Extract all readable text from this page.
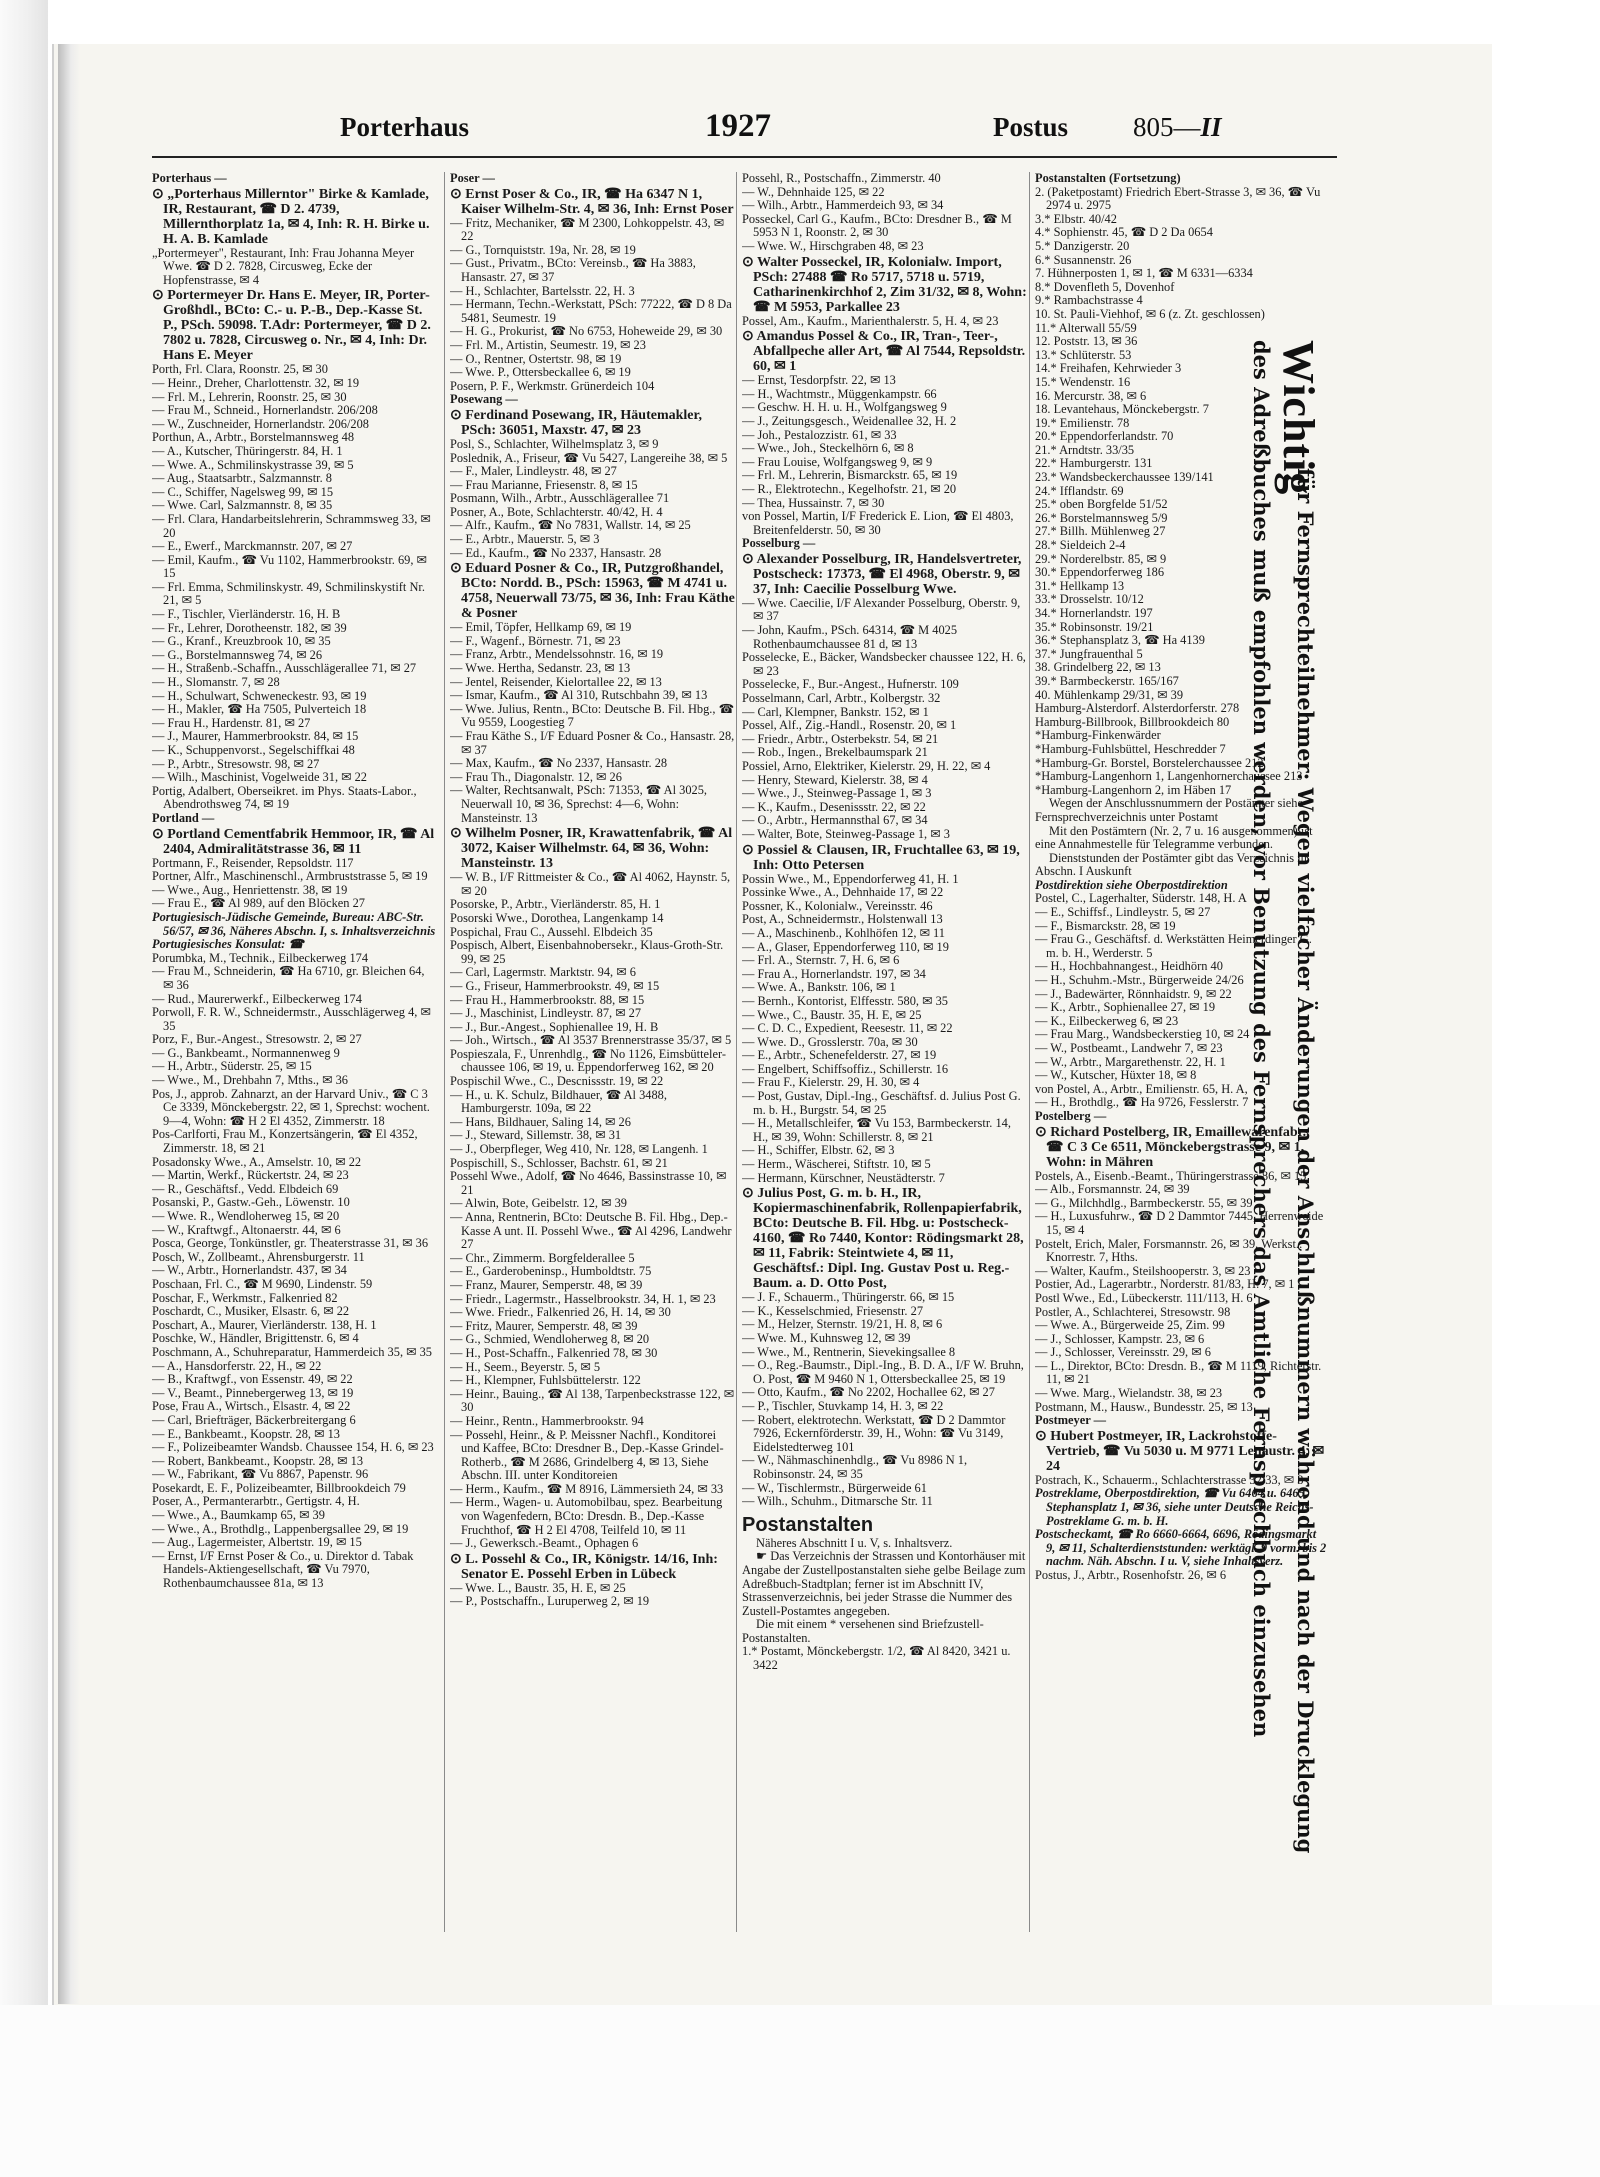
Porterhaus	1927	Postus 805—II

Porterhaus —

⊙ „Porterhaus Millerntor" Birke & Kamlade, IR, Restaurant, ☎ D 2. 4739, Millernthorplatz 1a, ✉ 4, Inh: R. H. Birke u. H. A. B. Kamlade

„Portermeyer", Restaurant, Inh: Frau Johanna Meyer Wwe. ☎ D 2. 7828, Circusweg, Ecke der Hopfenstrasse, ✉ 4

⊙ Portermeyer Dr. Hans E. Meyer, IR, Porter-Großhdl., BCto: C.- u. P.-B., Dep.-Kasse St. P., PSch. 59098. T.Adr: Portermeyer, ☎ D 2. 7802 u. 7828, Circusweg o. Nr., ✉ 4, Inh: Dr. Hans E. Meyer

Porth, Frl. Clara, Roonstr. 25, ✉ 30

— Heinr., Dreher, Charlottenstr. 32, ✉ 19

— Frl. M., Lehrerin, Roonstr. 25, ✉ 30

— Frau M., Schneid., Hornerlandstr. 206/208

— W., Zuschneider, Hornerlandstr. 206/208

Porthun, A., Arbtr., Borstelmannsweg 48

— A., Kutscher, Thüringerstr. 84, H. 1

— Wwe. A., Schmilinskystrasse 39, ✉ 5

— Aug., Staatsarbtr., Salzmannstr. 8

— C., Schiffer, Nagelsweg 99, ✉ 15

— Wwe. Carl, Salzmannstr. 8, ✉ 35

— Frl. Clara, Handarbeitslehrerin, Schrammsweg 33, ✉ 20

— E., Ewerf., Marckmannstr. 207, ✉ 27

— Emil, Kaufm., ☎ Vu 1102, Hammerbrookstr. 69, ✉ 15

— Frl. Emma, Schmilinskystr. 49, Schmilinskystift Nr. 21, ✉ 5

— F., Tischler, Vierländerstr. 16, H. B

— Fr., Lehrer, Dorotheenstr. 182, ✉ 39

— G., Kranf., Kreuzbrook 10, ✉ 35

— G., Borstelmannsweg 74, ✉ 26

— H., Straßenb.-Schaffn., Ausschlägerallee 71, ✉ 27

— H., Slomanstr. 7, ✉ 28

— H., Schulwart, Schweneckestr. 93, ✉ 19

— H., Makler, ☎ Ha 7505, Pulverteich 18

— Frau H., Hardenstr. 81, ✉ 27

— J., Maurer, Hammerbrookstr. 84, ✉ 15

— K., Schuppenvorst., Segelschiffkai 48

— P., Arbtr., Stresowstr. 98, ✉ 27

— Wilh., Maschinist, Vogelweide 31, ✉ 22

Portig, Adalbert, Oberseikret. im Phys. Staats-Labor., Abendrothsweg 74, ✉ 19

Portland —

⊙ Portland Cementfabrik Hemmoor, IR, ☎ Al 2404, Admiralitätstrasse 36, ✉ 11

Portmann, F., Reisender, Repsoldstr. 117

Portner, Alfr., Maschinenschl., Armbruststrasse 5, ✉ 19

— Wwe., Aug., Henriettenstr. 38, ✉ 19

— Frau E., ☎ Al 989, auf den Blöcken 27

Portugiesisch-Jüdische Gemeinde, Bureau: ABC-Str. 56/57, ✉ 36, Näheres Abschn. I, s. Inhaltsverzeichnis

Portugiesisches Konsulat: ☎

Porumbka, M., Technik., Eilbeckerweg 174

— Frau M., Schneiderin, ☎ Ha 6710, gr. Bleichen 64, ✉ 36

— Rud., Maurerwerkf., Eilbeckerweg 174

Porwoll, F. R. W., Schneidermstr., Ausschlägerweg 4, ✉ 35

Porz, F., Bur.-Angest., Stresowstr. 2, ✉ 27

— G., Bankbeamt., Normannenweg 9

— H., Arbtr., Süderstr. 25, ✉ 15

— Wwe., M., Drehbahn 7, Mths., ✉ 36

Pos, J., approb. Zahnarzt, an der Harvard Univ., ☎ C 3 Ce 3339, Mönckebergstr. 22, ✉ 1, Sprechst: wochent. 9—4, Wohn: ☎ H 2 El 4352, Zimmerstr. 18

Pos-Carlforti, Frau M., Konzertsängerin, ☎ El 4352, Zimmerstr. 18, ✉ 21

Posadonsky Wwe., A., Amselstr. 10, ✉ 22

— Martin, Werkf., Rückertstr. 24, ✉ 23

— R., Geschäftsf., Vedd. Elbdeich 69

Posanski, P., Gastw.-Geh., Löwenstr. 10

— Wwe. R., Wendloherweg 15, ✉ 20

— W., Kraftwgf., Altonaerstr. 44, ✉ 6

Posca, George, Tonkünstler, gr. Theaterstrasse 31, ✉ 36

Posch, W., Zollbeamt., Ahrensburgerstr. 11

— W., Arbtr., Hornerlandstr. 437, ✉ 34

Poschaan, Frl. C., ☎ M 9690, Lindenstr. 59

Poschar, F., Werkmstr., Falkenried 82

Poschardt, C., Musiker, Elsastr. 6, ✉ 22

Poschart, A., Maurer, Vierländerstr. 138, H. 1

Poschke, W., Händler, Brigittenstr. 6, ✉ 4

Poschmann, A., Schuhreparatur, Hammerdeich 35, ✉ 35

— A., Hansdorferstr. 22, H., ✉ 22

— B., Kraftwgf., von Essenstr. 49, ✉ 22

— V., Beamt., Pinnebergerweg 13, ✉ 19

Pose, Frau A., Wirtsch., Elsastr. 4, ✉ 22

— Carl, Briefträger, Bäckerbreitergang 6

— E., Bankbeamt., Koopstr. 28, ✉ 13

— F., Polizeibeamter Wandsb. Chaussee 154, H. 6, ✉ 23

— Robert, Bankbeamt., Koopstr. 28, ✉ 13

— W., Fabrikant, ☎ Vu 8867, Papenstr. 96

Posekardt, E. F., Polizeibeamter, Billbrookdeich 79

Poser, A., Permanterarbtr., Gertigstr. 4, H.

— Wwe., A., Baumkamp 65, ✉ 39

— Wwe., A., Brothdlg., Lappenbergsallee 29, ✉ 19

— Aug., Lagermeister, Albertstr. 19, ✉ 15

— Ernst, I/F Ernst Poser & Co., u. Direktor d. Tabak Handels-Aktiengesellschaft, ☎ Vu 7970, Rothenbaumchaussee 81a, ✉ 13

Poser —

⊙ Ernst Poser & Co., IR, ☎ Ha 6347 N 1, Kaiser Wilhelm-Str. 4, ✉ 36, Inh: Ernst Poser

— Fritz, Mechaniker, ☎ M 2300, Lohkoppelstr. 43, ✉ 22

— G., Tornquiststr. 19a, Nr. 28, ✉ 19

— Gust., Privatm., BCto: Vereinsb., ☎ Ha 3883, Hansastr. 27, ✉ 37

— H., Schlachter, Bartelsstr. 22, H. 3

— Hermann, Techn.-Werkstatt, PSch: 77222, ☎ D 8 Da 5481, Seumestr. 19

— H. G., Prokurist, ☎ No 6753, Hoheweide 29, ✉ 30

— Frl. M., Artistin, Seumestr. 19, ✉ 23

— O., Rentner, Ostertstr. 98, ✉ 19

— Wwe. P., Ottersbeckallee 6, ✉ 19

Posern, P. F., Werkmstr. Grünerdeich 104

Posewang —

⊙ Ferdinand Posewang, IR, Häutemakler, PSch: 36051, Maxstr. 47, ✉ 23

Posl, S., Schlachter, Wilhelmsplatz 3, ✉ 9

Poslednik, A., Friseur, ☎ Vu 5427, Langereihe 38, ✉ 5

— F., Maler, Lindleystr. 48, ✉ 27

— Frau Marianne, Friesenstr. 8, ✉ 15

Posmann, Wilh., Arbtr., Ausschlägerallee 71

Posner, A., Bote, Schlachterstr. 40/42, H. 4

— Alfr., Kaufm., ☎ No 7831, Wallstr. 14, ✉ 25

— E., Arbtr., Mauerstr. 5, ✉ 3

— Ed., Kaufm., ☎ No 2337, Hansastr. 28

⊙ Eduard Posner & Co., IR, Putzgroßhandel, BCto: Nordd. B., PSch: 15963, ☎ M 4741 u. 4758, Neuerwall 73/75, ✉ 36, Inh: Frau Käthe & Posner

— Emil, Töpfer, Hellkamp 69, ✉ 19

— F., Wagenf., Börnestr. 71, ✉ 23

— Franz, Arbtr., Mendelssohnstr. 16, ✉ 19

— Wwe. Hertha, Sedanstr. 23, ✉ 13

— Jentel, Reisender, Kielortallee 22, ✉ 13

— Ismar, Kaufm., ☎ Al 310, Rutschbahn 39, ✉ 13

— Wwe. Julius, Rentn., BCto: Deutsche B. Fil. Hbg., ☎ Vu 9559, Loogestieg 7

— Frau Käthe S., I/F Eduard Posner & Co., Hansastr. 28, ✉ 37

— Max, Kaufm., ☎ No 2337, Hansastr. 28

— Frau Th., Diagonalstr. 12, ✉ 26

— Walter, Rechtsanwalt, PSch: 71353, ☎ Al 3025, Neuerwall 10, ✉ 36, Sprechst: 4—6, Wohn: Mansteinstr. 13

⊙ Wilhelm Posner, IR, Krawattenfabrik, ☎ Al 3072, Kaiser Wilhelmstr. 64, ✉ 36, Wohn: Mansteinstr. 13

— W. B., I/F Rittmeister & Co., ☎ Al 4062, Haynstr. 5, ✉ 20

Posorske, P., Arbtr., Vierländerstr. 85, H. 1

Posorski Wwe., Dorothea, Langenkamp 14

Pospichal, Frau C., Aussehl. Elbdeich 35

Pospisch, Albert, Eisenbahnobersekr., Klaus-Groth-Str. 99, ✉ 25

— Carl, Lagermstr. Marktstr. 94, ✉ 6

— G., Friseur, Hammerbrookstr. 49, ✉ 15

— Frau H., Hammerbrookstr. 88, ✉ 15

— J., Maschinist, Lindleystr. 87, ✉ 27

— J., Bur.-Angest., Sophienallee 19, H. B

— Joh., Wirtsch., ☎ Al 3537 Brennerstrasse 35/37, ✉ 5

Pospieszala, F., Unrenhdlg., ☎ No 1126, Eimsbütteler-chaussee 106, ✉ 19, u. Eppendorferweg 162, ✉ 20

Pospischil Wwe., C., Descnissstr. 19, ✉ 22

— H., u. K. Schulz, Bildhauer, ☎ Al 3488, Hamburgerstr. 109a, ✉ 22

— Hans, Bildhauer, Saling 14, ✉ 26

— J., Steward, Sillemstr. 38, ✉ 31

— J., Oberpfleger, Weg 410, Nr. 128, ✉ Langenh. 1

Pospischill, S., Schlosser, Bachstr. 61, ✉ 21

Possehl Wwe., Adolf, ☎ No 4646, Bassinstrasse 10, ✉ 21

— Alwin, Bote, Geibelstr. 12, ✉ 39

— Anna, Rentnerin, BCto: Deutsche B. Fil. Hbg., Dep.-Kasse A unt. II. Possehl Wwe., ☎ Al 4296, Landwehr 27

— Chr., Zimmerm. Borgfelderallee 5

— E., Garderobeninsp., Humboldtstr. 75

— Franz, Maurer, Semperstr. 48, ✉ 39

— Friedr., Lagermstr., Hasselbrookstr. 34, H. 1, ✉ 23

— Wwe. Friedr., Falkenried 26, H. 14, ✉ 30

— Fritz, Maurer, Semperstr. 48, ✉ 39

— G., Schmied, Wendloherweg 8, ✉ 20

— H., Post-Schaffn., Falkenried 78, ✉ 30

— H., Seem., Beyerstr. 5, ✉ 5

— H., Klempner, Fuhlsbüttelerstr. 122

— Heinr., Bauing., ☎ Al 138, Tarpenbeckstrasse 122, ✉ 30

— Heinr., Rentn., Hammerbrookstr. 94

— Possehl, Heinr., & P. Meissner Nachfl., Konditorei und Kaffee, BCto: Dresdner B., Dep.-Kasse Grindel-Rotherb., ☎ M 2686, Grindelberg 4, ✉ 13, Siehe Abschn. III. unter Konditoreien

— Herm., Kaufm., ☎ M 8916, Lämmersieth 24, ✉ 33

— Herm., Wagen- u. Automobilbau, spez. Bearbeitung von Wagenfedern, BCto: Dresdn. B., Dep.-Kasse Fruchthof, ☎ H 2 El 4708, Teilfeld 10, ✉ 11

— J., Gewerksch.-Beamt., Ophagen 6

⊙ L. Possehl & Co., IR, Königstr. 14/16, Inh: Senator E. Possehl Erben in Lübeck

— Wwe. L., Baustr. 35, H. E, ✉ 25

— P., Postschaffn., Luruperweg 2, ✉ 19

Possehl, R., Postschaffn., Zimmerstr. 40

— W., Dehnhaide 125, ✉ 22

— Wilh., Arbtr., Hammerdeich 93, ✉ 34

Posseckel, Carl G., Kaufm., BCto: Dresdner B., ☎ M 5953 N 1, Roonstr. 2, ✉ 30

— Wwe. W., Hirschgraben 48, ✉ 23

⊙ Walter Posseckel, IR, Kolonialw. Import, PSch: 27488 ☎ Ro 5717, 5718 u. 5719, Catharinenkirchhof 2, Zim 31/32, ✉ 8, Wohn: ☎ M 5953, Parkallee 23

Possel, Am., Kaufm., Marienthalerstr. 5, H. 4, ✉ 23

⊙ Amandus Possel & Co., IR, Tran-, Teer-, Abfallpeche aller Art, ☎ Al 7544, Repsoldstr. 60, ✉ 1

— Ernst, Tesdorpfstr. 22, ✉ 13

— H., Wachtmstr., Müggenkampstr. 66

— Geschw. H. H. u. H., Wolfgangsweg 9

— J., Zeitungsgesch., Weidenallee 32, H. 2

— Joh., Pestalozzistr. 61, ✉ 33

— Wwe., Joh., Steckelhörn 6, ✉ 8

— Frau Louise, Wolfgangsweg 9, ✉ 9

— Frl. M., Lehrerin, Bismarckstr. 65, ✉ 19

— R., Elektrotechn., Kegelhofstr. 21, ✉ 20

— Thea, Hussainstr. 7, ✉ 30

von Possel, Martin, I/F Frederick E. Lion, ☎ El 4803, Breitenfelderstr. 50, ✉ 30

Posselburg —

⊙ Alexander Posselburg, IR, Handelsvertreter, Postscheck: 17373, ☎ El 4968, Oberstr. 9, ✉ 37, Inh: Caecilie Posselburg Wwe.

— Wwe. Caecilie, I/F Alexander Posselburg, Oberstr. 9, ✉ 37

— John, Kaufm., PSch. 64314, ☎ M 4025 Rothenbaumchaussee 81 d, ✉ 13

Posselecke, E., Bäcker, Wandsbecker chaussee 122, H. 6, ✉ 23

Posselecke, F., Bur.-Angest., Hufnerstr. 109

Posselmann, Carl, Arbtr., Kolbergstr. 32

— Carl, Klempner, Bankstr. 152, ✉ 1

Possel, Alf., Zig.-Handl., Rosenstr. 20, ✉ 1

— Friedr., Arbtr., Osterbekstr. 54, ✉ 21

— Rob., Ingen., Brekelbaumspark 21

Possiel, Arno, Elektriker, Kielerstr. 29, H. 22, ✉ 4

— Henry, Steward, Kielerstr. 38, ✉ 4

— Wwe., J., Steinweg-Passage 1, ✉ 3

— K., Kaufm., Desenissstr. 22, ✉ 22

— O., Arbtr., Hermannsthal 67, ✉ 34

— Walter, Bote, Steinweg-Passage 1, ✉ 3

⊙ Possiel & Clausen, IR, Fruchtallee 63, ✉ 19, Inh: Otto Petersen

Possin Wwe., M., Eppendorferweg 41, H. 1

Possinke Wwe., A., Dehnhaide 17, ✉ 22

Possner, K., Kolonialw., Vereinsstr. 46

Post, A., Schneidermstr., Holstenwall 13

— A., Maschinenb., Kohlhöfen 12, ✉ 11

— A., Glaser, Eppendorferweg 110, ✉ 19

— Frl. A., Sternstr. 7, H. 6, ✉ 6

— Frau A., Hornerlandstr. 197, ✉ 34

— Wwe. A., Bankstr. 106, ✉ 1

— Bernh., Kontorist, Elffesstr. 580, ✉ 35

— Wwe., C., Baustr. 35, H. E, ✉ 25

— C. D. C., Expedient, Reesestr. 11, ✉ 22

— Wwe. D., Grosslerstr. 70a, ✉ 30

— E., Arbtr., Schenefelderstr. 27, ✉ 19

— Engelbert, Schiffsoffiz., Schillerstr. 16

— Frau F., Kielerstr. 29, H. 30, ✉ 4

— Post, Gustav, Dipl.-Ing., Geschäftsf. d. Julius Post G. m. b. H., Burgstr. 54, ✉ 25

— H., Metallschleifer, ☎ Vu 153, Barmbeckerstr. 14, H., ✉ 39, Wohn: Schillerstr. 8, ✉ 21

— H., Schiffer, Elbstr. 62, ✉ 3

— Herm., Wäscherei, Stiftstr. 10, ✉ 5

— Hermann, Kürschner, Neustädterstr. 7

⊙ Julius Post, G. m. b. H., IR, Kopiermaschinenfabrik, Rollenpapierfabrik, BCto: Deutsche B. Fil. Hbg. u: Postscheck-4160, ☎ Ro 7440, Kontor: Rödingsmarkt 28, ✉ 11, Fabrik: Steintwiete 4, ✉ 11, Geschäftsf.: Dipl. Ing. Gustav Post u. Reg.-Baum. a. D. Otto Post,

— J. F., Schauerm., Thüringerstr. 66, ✉ 15

— K., Kesselschmied, Friesenstr. 27

— M., Helzer, Sternstr. 19/21, H. 8, ✉ 6

— Wwe. M., Kuhnsweg 12, ✉ 39

— Wwe., M., Rentnerin, Sievekingsallee 8

— O., Reg.-Baumstr., Dipl.-Ing., B. D. A., I/F W. Bruhn, O. Post, ☎ M 9460 N 1, Ottersbeckallee 25, ✉ 19

— Otto, Kaufm., ☎ No 2202, Hochallee 62, ✉ 27

— P., Tischler, Stuvkamp 14, H. 3, ✉ 22

— Robert, elektrotechn. Werkstatt, ☎ D 2 Dammtor 7926, Eckernförderstr. 39, H., Wohn: ☎ Vu 3149, Eidelstedterweg 101

— W., Nähmaschinenhdlg., ☎ Vu 8986 N 1, Robinsonstr. 24, ✉ 35

— W., Tischlermstr., Bürgerweide 61

— Wilh., Schuhm., Ditmarsche Str. 11

Postanstalten

Näheres Abschnitt I u. V, s. Inhaltsverz.

☛ Das Verzeichnis der Strassen und Kontorhäuser mit Angabe der Zustellpostanstalten siehe gelbe Beilage zum Adreßbuch-Stadtplan; ferner ist im Abschnitt IV, Strassenverzeichnis, bei jeder Strasse die Nummer des Zustell-Postamtes angegeben.

Die mit einem * versehenen sind Briefzustell-Postanstalten.

1.* Postamt, Mönckebergstr. 1/2, ☎ Al 8420, 3421 u. 3422

Postanstalten (Fortsetzung)

2. (Paketpostamt) Friedrich Ebert-Strasse 3, ✉ 36, ☎ Vu 2974 u. 2975

3.* Elbstr. 40/42

4.* Sophienstr. 45, ☎ D 2 Da 0654

5.* Danzigerstr. 20

6.* Susannenstr. 26

7. Hühnerposten 1, ✉ 1, ☎ M 6331—6334

8.* Dovenfleth 5, Dovenhof

9.* Rambachstrasse 4

10. St. Pauli-Viehhof, ✉ 6 (z. Zt. geschlossen)

11.* Alterwall 55/59

12. Poststr. 13, ✉ 36

13.* Schlüterstr. 53

14.* Freihafen, Kehrwieder 3

15.* Wendenstr. 16

16. Mercurstr. 38, ✉ 6

18. Levantehaus, Mönckebergstr. 7

19.* Emilienstr. 78

20.* Eppendorferlandstr. 70

21.* Arndtstr. 33/35

22.* Hamburgerstr. 131

23.* Wandsbeckerchaussee 139/141

24.* Ifflandstr. 69

25.* oben Borgfelde 51/52

26.* Borstelmannsweg 5/9

27.* Billh. Mühlenweg 27

28.* Sieldeich 2-4

29.* Norderelbstr. 85, ✉ 9

30.* Eppendorferweg 186

31.* Hellkamp 13

33.* Drosselstr. 10/12

34.* Hornerlandstr. 197

35.* Robinsonstr. 19/21

36.* Stephansplatz 3, ☎ Ha 4139

37.* Jungfrauenthal 5

38. Grindelberg 22, ✉ 13

39.* Barmbeckerstr. 165/167

40. Mühlenkamp 29/31, ✉ 39

Hamburg-Alsterdorf. Alsterdorferstr. 278

Hamburg-Billbrook, Billbrookdeich 80

*Hamburg-Finkenwärder

*Hamburg-Fuhlsbüttel, Heschredder 7

*Hamburg-Gr. Borstel, Borstelerchaussee 212

*Hamburg-Langenhorn 1, Langenhornerchaussee 213

*Hamburg-Langenhorn 2, im Häben 17

Wegen der Anschlussnummern der Postämter siehe Fernsprechverzeichnis unter Postamt

Mit den Postämtern (Nr. 2, 7 u. 16 ausgenommen) ist eine Annahmestelle für Telegramme verbunden.

Dienststunden der Postämter gibt das Verzeichnis in Abschn. I Auskunft

Postdirektion siehe Oberpostdirektion

Postel, C., Lagerhalter, Süderstr. 148, H. A

— E., Schiffsf., Lindleystr. 5, ✉ 27

— F., Bismarckstr. 28, ✉ 19

— Frau G., Geschäftsf. d. Werkstätten Heimerdinger G. m. b. H., Werderstr. 5

— H., Hochbahnangest., Heidhörn 40

— H., Schuhm.-Mstr., Bürgerweide 24/26

— J., Badewärter, Rönnhaidstr. 9, ✉ 22

— K., Arbtr., Sophienallee 27, ✉ 19

— K., Eilbeckerweg 6, ✉ 23

— Frau Marg., Wandsbeckerstieg 10, ✉ 24

— W., Postbeamt., Landwehr 7, ✉ 23

— W., Arbtr., Margarethenstr. 22, H. 1

— W., Kutscher, Hüxter 18, ✉ 8

von Postel, A., Arbtr., Emilienstr. 65, H. A,

— H., Brothdlg., ☎ Ha 9726, Fesslerstr. 7

Postelberg —

⊙ Richard Postelberg, IR, Emaillewarenfabr., ☎ C 3 Ce 6511, Mönckebergstrasse 9, ✉ 1, Wohn: in Mähren

Postels, A., Eisenb.-Beamt., Thüringerstrasse 86, ✉ 15

— Alb., Forsmannstr. 24, ✉ 39

— G., Milchhdlg., Barmbeckerstr. 55, ✉ 39

— H., Luxusfuhrw., ☎ D 2 Dammtor 7445, Herrenweide 15, ✉ 4

Postelt, Erich, Maler, Forsmannstr. 26, ✉ 39, Werkst.: Knorrestr. 7, Hths.

— Walter, Kaufm., Steilshooperstr. 3, ✉ 23

Postier, Ad., Lagerarbtr., Norderstr. 81/83, H. 7, ✉ 1

Postl Wwe., Ed., Lübeckerstr. 111/113, H. 6

Postler, A., Schlachterei, Stresowstr. 98

— Wwe. A., Bürgerweide 25, Zim. 99

— J., Schlosser, Kampstr. 23, ✉ 6

— J., Schlosser, Vereinsstr. 29, ✉ 6

— L., Direktor, BCto: Dresdn. B., ☎ M 1119, Richterstr. 11, ✉ 21

— Wwe. Marg., Wielandstr. 38, ✉ 23

Postmann, M., Hausw., Bundesstr. 25, ✉ 13

Postmeyer —

⊙ Hubert Postmeyer, IR, Lackrohstoffe-Vertrieb, ☎ Vu 5030 u. M 9771 Lenaustr. 4, ✉ 24

Postrach, K., Schauerm., Schlachterstrasse 32/33, ✉ 3

Postreklame, Oberpostdirektion, ☎ Vu 6464 u. 6465, Stephansplatz 1, ✉ 36, siehe unter Deutsche Reichs-Postreklame G. m. b. H.

Postscheckamt, ☎ Ro 6660-6664, 6696, Rödingsmarkt 9, ✉ 11, Schalterdienststunden: werktägl. 9 vorm. bis 2 nachm. Näh. Abschn. I u. V, siehe Inhaltsverz.

Postus, J., Arbtr., Rosenhofstr. 26, ✉ 6

Wichtig
für Fernsprechteilnehmer: Wegen vielfacher Änderungen der Anschlußnummern während und nach der Drucklegung
des Adreßbuches muß empfohlen werden, vor Benutzung des Fernsprechers das Amtliche Fernsprechbuch einzusehen
